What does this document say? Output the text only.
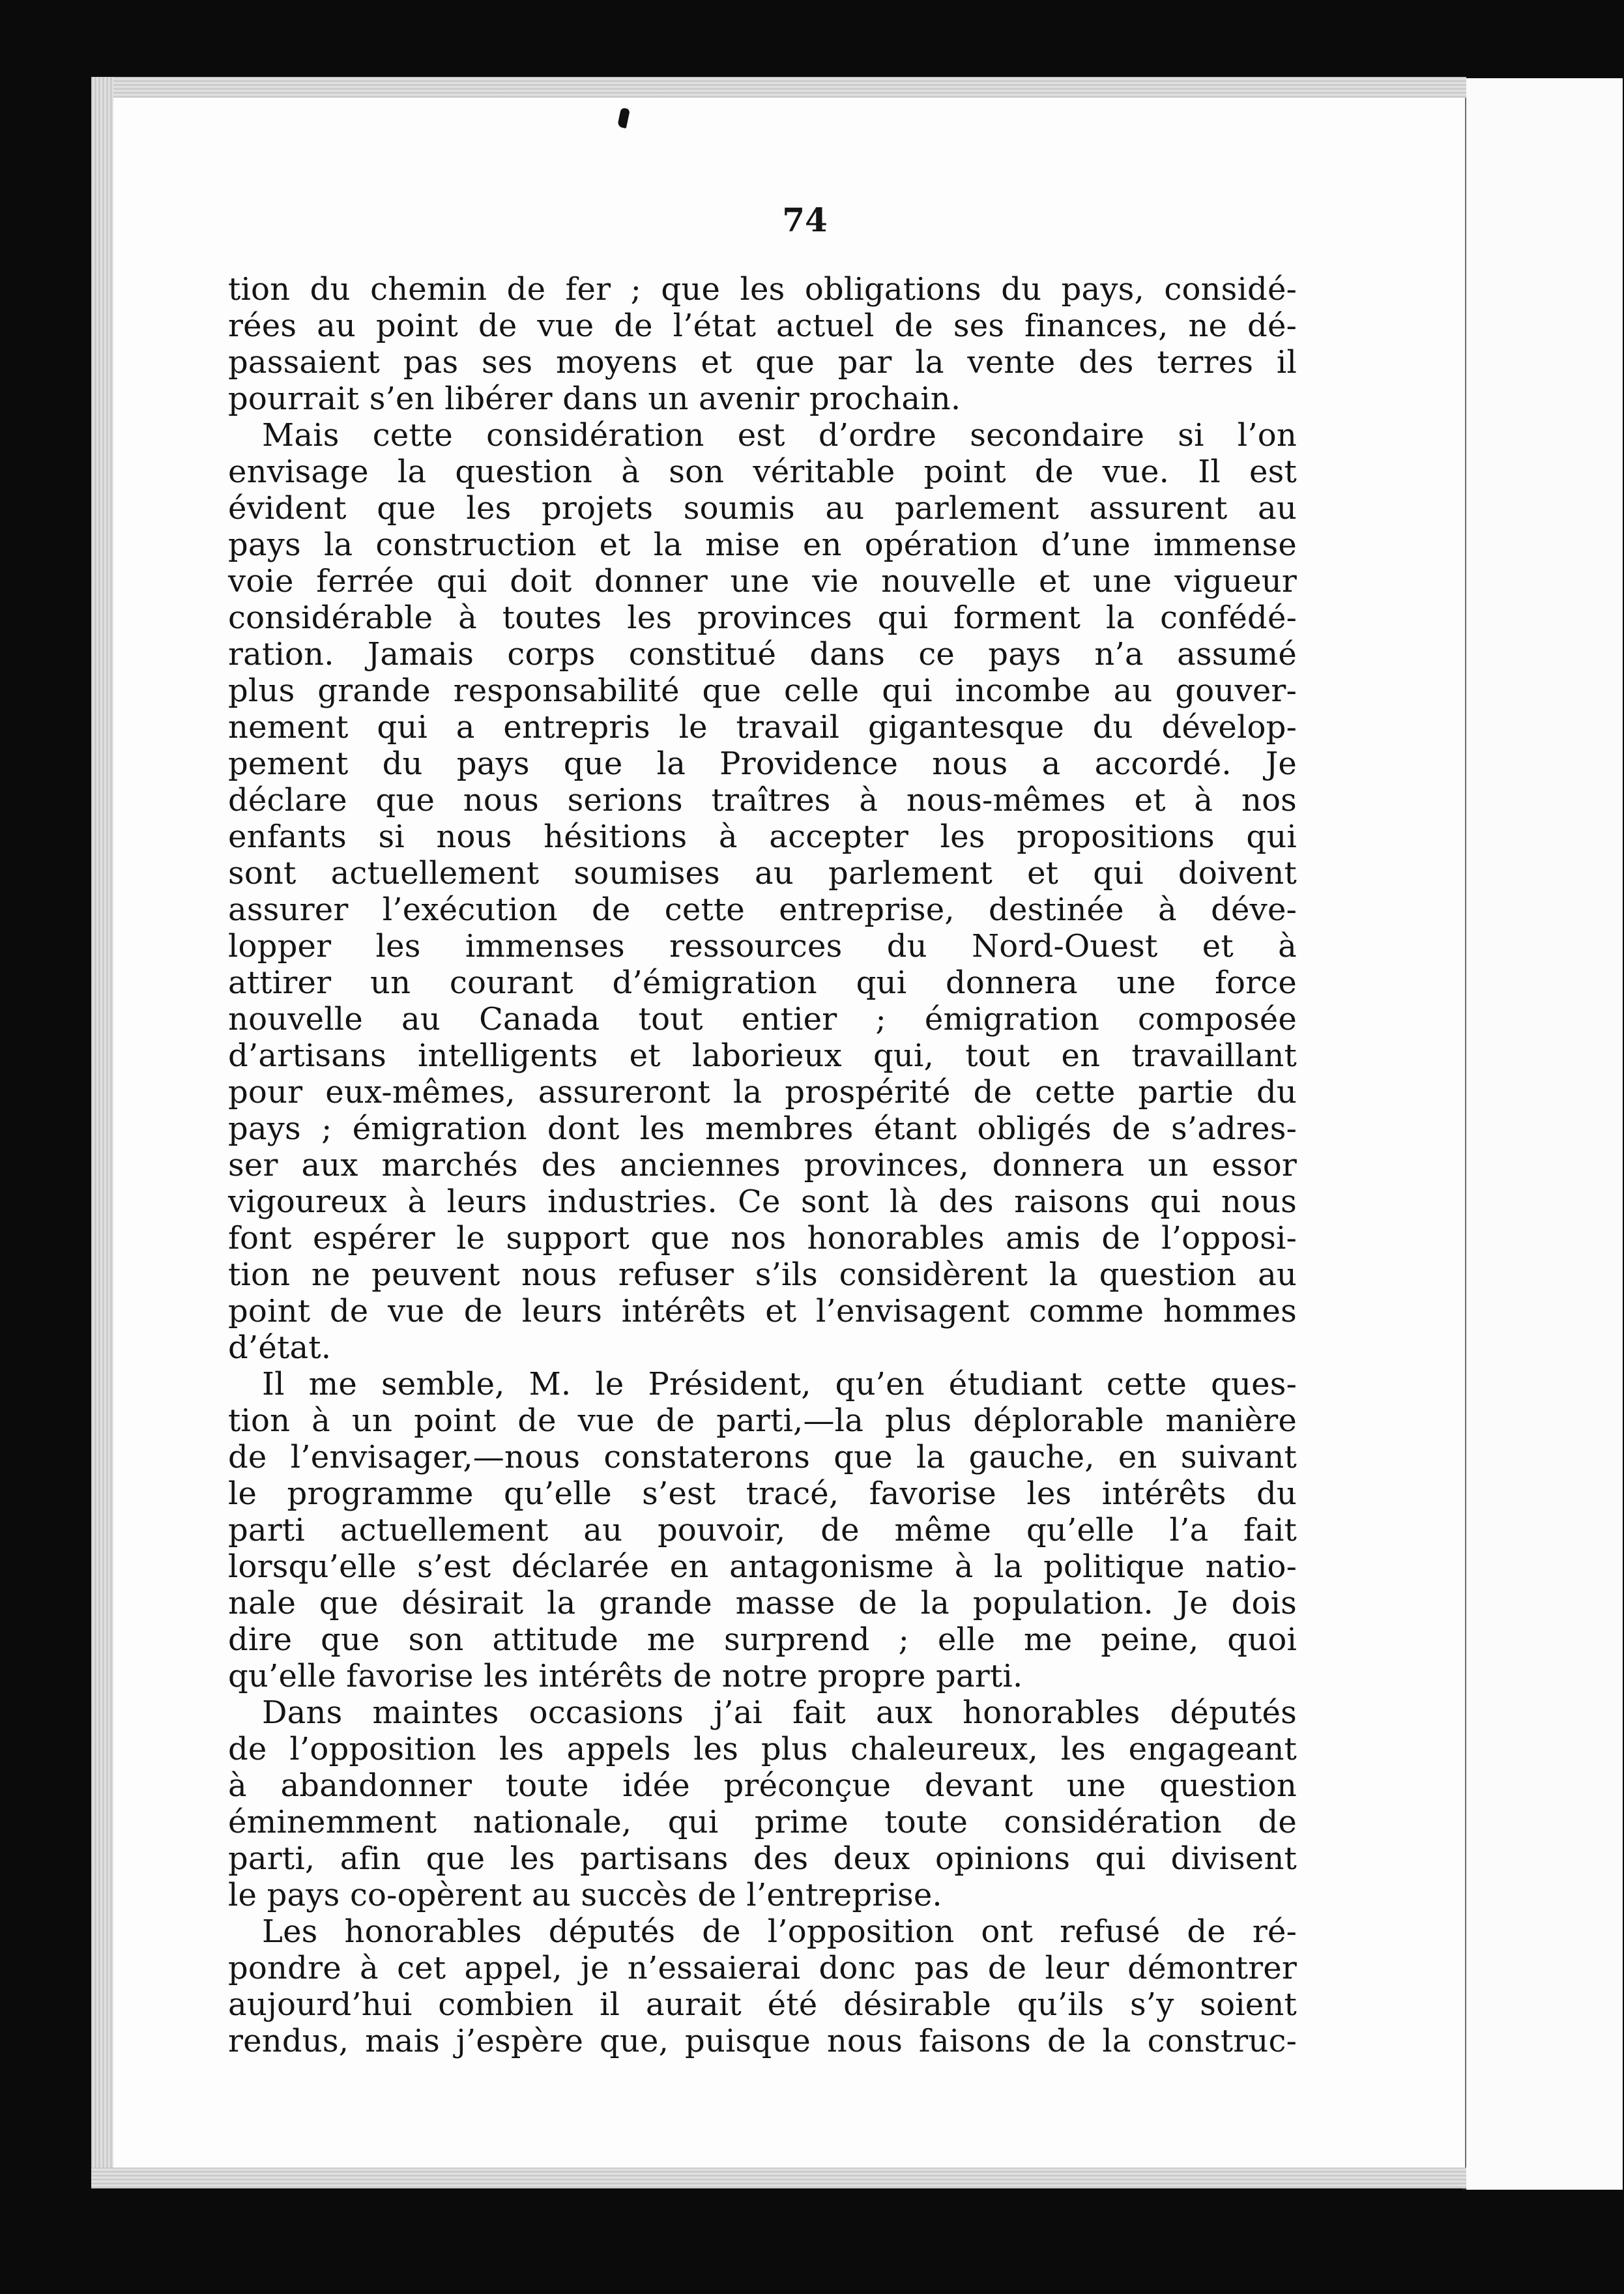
74
tion du chemin de fer ; que les obligations du pays, considé-
rées au point de vue de l’état actuel de ses finances, ne dé-
passaient pas ses moyens et que par la vente des terres il
pourrait s’en libérer dans un avenir prochain.
Mais cette considération est d’ordre secondaire si l’on
envisage la question à son véritable point de vue. Il est
évident que les projets soumis au parlement assurent au
pays la construction et la mise en opération d’une immense
voie ferrée qui doit donner une vie nouvelle et une vigueur
considérable à toutes les provinces qui forment la confédé-
ration. Jamais corps constitué dans ce pays n’a assumé
plus grande responsabilité que celle qui incombe au gouver-
nement qui a entrepris le travail gigantesque du dévelop-
pement du pays que la Providence nous a accordé. Je
déclare que nous serions traîtres à nous-mêmes et à nos
enfants si nous hésitions à accepter les propositions qui
sont actuellement soumises au parlement et qui doivent
assurer l’exécution de cette entreprise, destinée à déve-
lopper les immenses ressources du Nord-Ouest et à
attirer un courant d’émigration qui donnera une force
nouvelle au Canada tout entier ; émigration composée
d’artisans intelligents et laborieux qui, tout en travaillant
pour eux-mêmes, assureront la prospérité de cette partie du
pays ; émigration dont les membres étant obligés de s’adres-
ser aux marchés des anciennes provinces, donnera un essor
vigoureux à leurs industries. Ce sont là des raisons qui nous
font espérer le support que nos honorables amis de l’opposi-
tion ne peuvent nous refuser s’ils considèrent la question au
point de vue de leurs intérêts et l’envisagent comme hommes
d’état.
Il me semble, M. le Président, qu’en étudiant cette ques-
tion à un point de vue de parti,—la plus déplorable manière
de l’envisager,—nous constaterons que la gauche, en suivant
le programme qu’elle s’est tracé, favorise les intérêts du
parti actuellement au pouvoir, de même qu’elle l’a fait
lorsqu’elle s’est déclarée en antagonisme à la politique natio-
nale que désirait la grande masse de la population. Je dois
dire que son attitude me surprend ; elle me peine, quoi
qu’elle favorise les intérêts de notre propre parti.
Dans maintes occasions j’ai fait aux honorables députés
de l’opposition les appels les plus chaleureux, les engageant
à abandonner toute idée préconçue devant une question
éminemment nationale, qui prime toute considération de
parti, afin que les partisans des deux opinions qui divisent
le pays co-opèrent au succès de l’entreprise.
Les honorables députés de l’opposition ont refusé de ré-
pondre à cet appel, je n’essaierai donc pas de leur démontrer
aujourd’hui combien il aurait été désirable qu’ils s’y soient
rendus, mais j’espère que, puisque nous faisons de la construc-
